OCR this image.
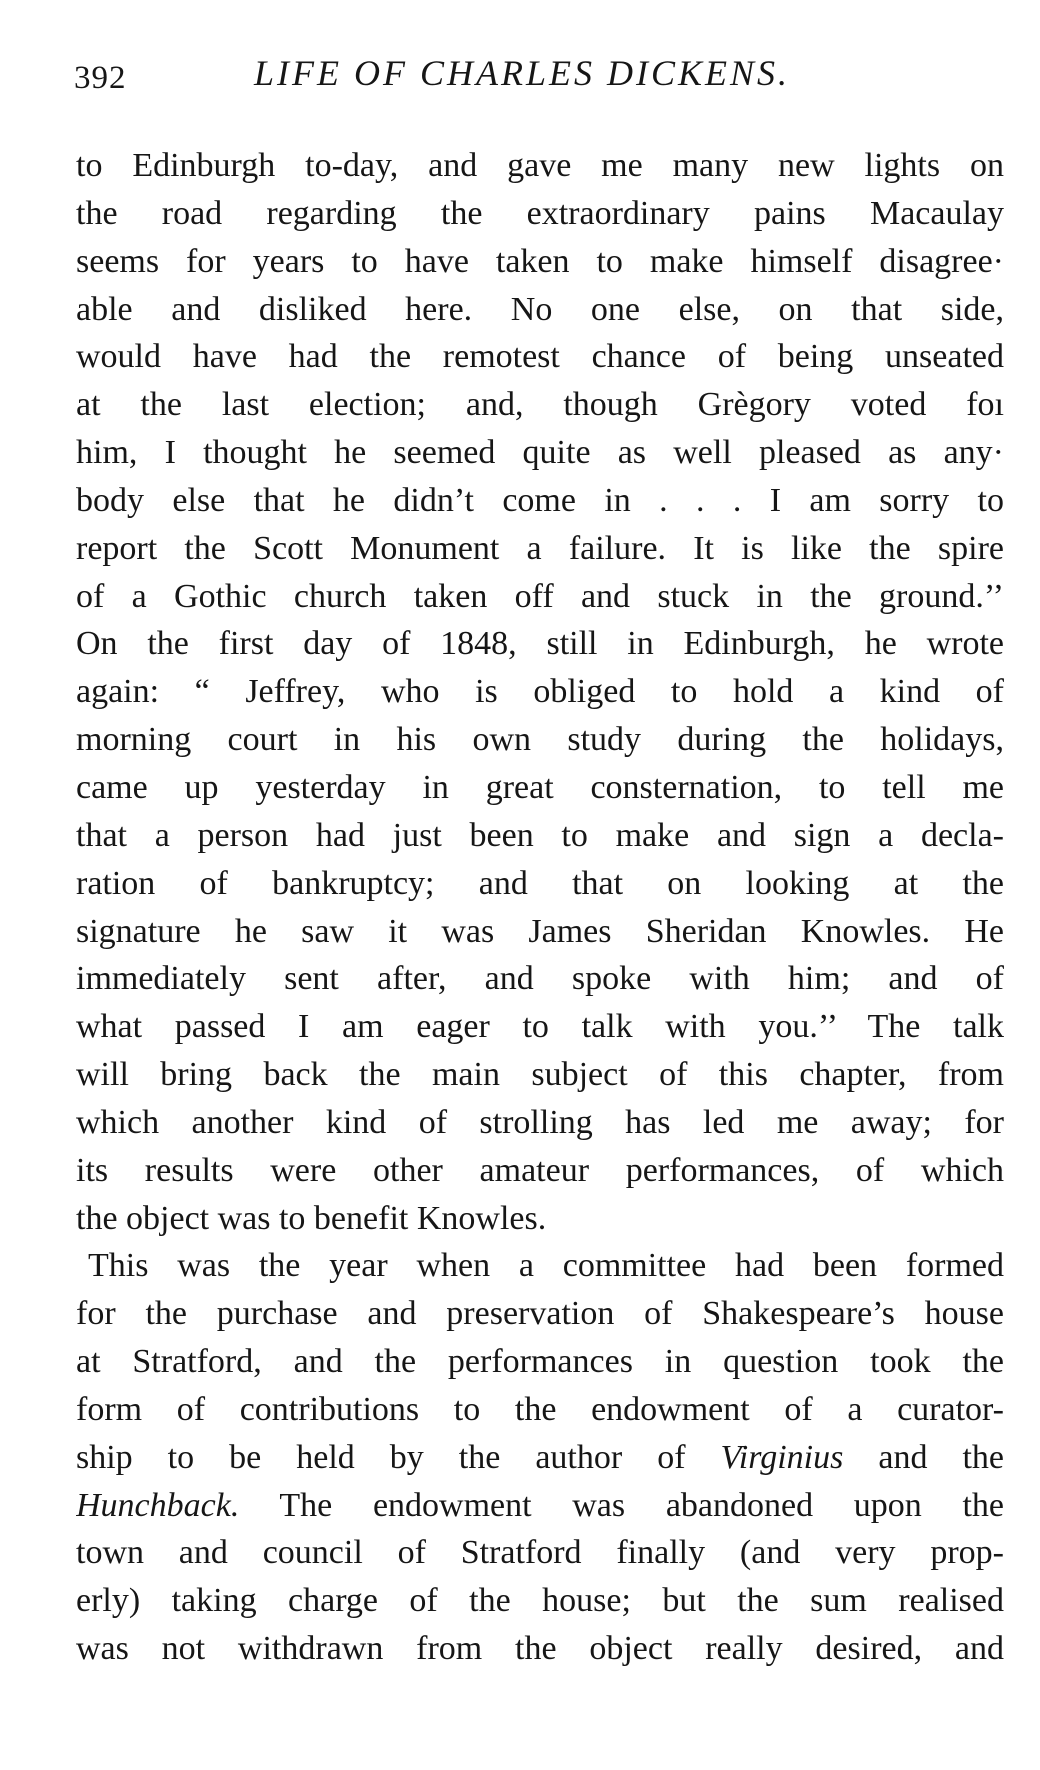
392	LIFE OF CHARLES DICKENS.
to Edinburgh to-day, and gave me many new lights on
the road regarding the extraordinary pains Macaulay
seems for years to have taken to make himself disagree·
able and disliked here. No one else, on that side,
would have had the remotest chance of being unseated
at the last election; and, though Grègory voted foı
him, I thought he seemed quite as well pleased as any·
body else that he didn’t come in . . . I am sorry to
report the Scott Monument a failure. It is like the spire
of a Gothic church taken off and stuck in the ground.’’
On the first day of 1848, still in Edinburgh, he wrote
again: “ Jeffrey, who is obliged to hold a kind of
morning court in his own study during the holidays,
came up yesterday in great consternation, to tell me
that a person had just been to make and sign a decla-
ration of bankruptcy; and that on looking at the
signature he saw it was James Sheridan Knowles. He
immediately sent after, and spoke with him; and of
what passed I am eager to talk with you.’’ The talk
will bring back the main subject of this chapter, from
which another kind of strolling has led me away; for
its results were other amateur performances, of which
the object was to benefit Knowles.
This was the year when a committee had been formed
for the purchase and preservation of Shakespeare’s house
at Stratford, and the performances in question took the
form of contributions to the endowment of a curator-
ship to be held by the author of Virginius and the
Hunchback. The endowment was abandoned upon the
town and council of Stratford finally (and very prop-
erly) taking charge of the house; but the sum realised
was not withdrawn from the object really desired, and
